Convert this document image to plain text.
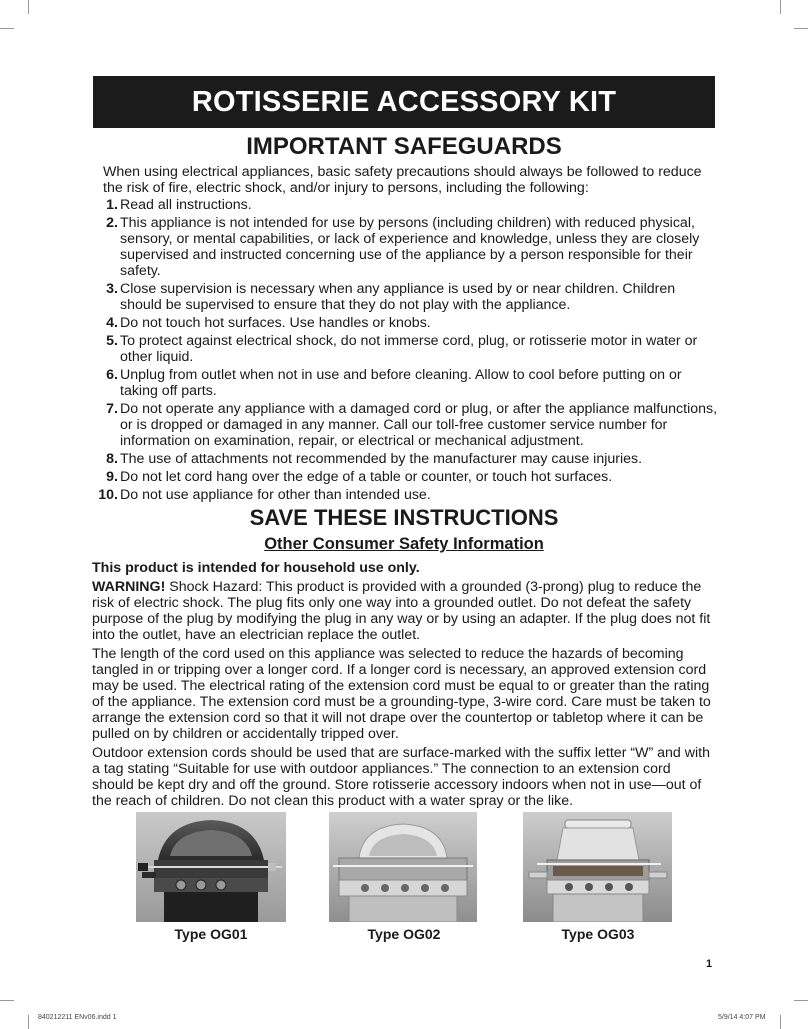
ROTISSERIE ACCESSORY KIT
IMPORTANT SAFEGUARDS
When using electrical appliances, basic safety precautions should always be followed to reduce the risk of fire, electric shock, and/or injury to persons, including the following:
1. Read all instructions.
2. This appliance is not intended for use by persons (including children) with reduced physical, sensory, or mental capabilities, or lack of experience and knowledge, unless they are closely supervised and instructed concerning use of the appliance by a person responsible for their safety.
3. Close supervision is necessary when any appliance is used by or near children. Children should be supervised to ensure that they do not play with the appliance.
4. Do not touch hot surfaces. Use handles or knobs.
5. To protect against electrical shock, do not immerse cord, plug, or rotisserie motor in water or other liquid.
6. Unplug from outlet when not in use and before cleaning. Allow to cool before putting on or taking off parts.
7. Do not operate any appliance with a damaged cord or plug, or after the appliance malfunctions, or is dropped or damaged in any manner. Call our toll-free customer service number for information on examination, repair, or electrical or mechanical adjustment.
8. The use of attachments not recommended by the manufacturer may cause injuries.
9. Do not let cord hang over the edge of a table or counter, or touch hot surfaces.
10. Do not use appliance for other than intended use.
SAVE THESE INSTRUCTIONS
Other Consumer Safety Information

This product is intended for household use only.

WARNING! Shock Hazard: This product is provided with a grounded (3-prong) plug to reduce the risk of electric shock. The plug fits only one way into a grounded outlet. Do not defeat the safety purpose of the plug by modifying the plug in any way or by using an adapter. If the plug does not fit into the outlet, have an electrician replace the outlet.

The length of the cord used on this appliance was selected to reduce the hazards of becoming tangled in or tripping over a longer cord. If a longer cord is necessary, an approved extension cord may be used. The electrical rating of the extension cord must be equal to or greater than the rating of the appliance. The extension cord must be a grounding-type, 3-wire cord. Care must be taken to arrange the extension cord so that it will not drape over the countertop or tabletop where it can be pulled on by children or accidentally tripped over.

Outdoor extension cords should be used that are surface-marked with the suffix letter “W” and with a tag stating “Suitable for use with outdoor appliances.” The connection to an extension cord should be kept dry and off the ground. Store rotisserie accessory indoors when not in use—out of the reach of children. Do not clean this product with a water spray or the like.

Type OG01	Type OG02	Type OG03
1
840212211 ENv06.indd 1	5/9/14 4:07 PM
